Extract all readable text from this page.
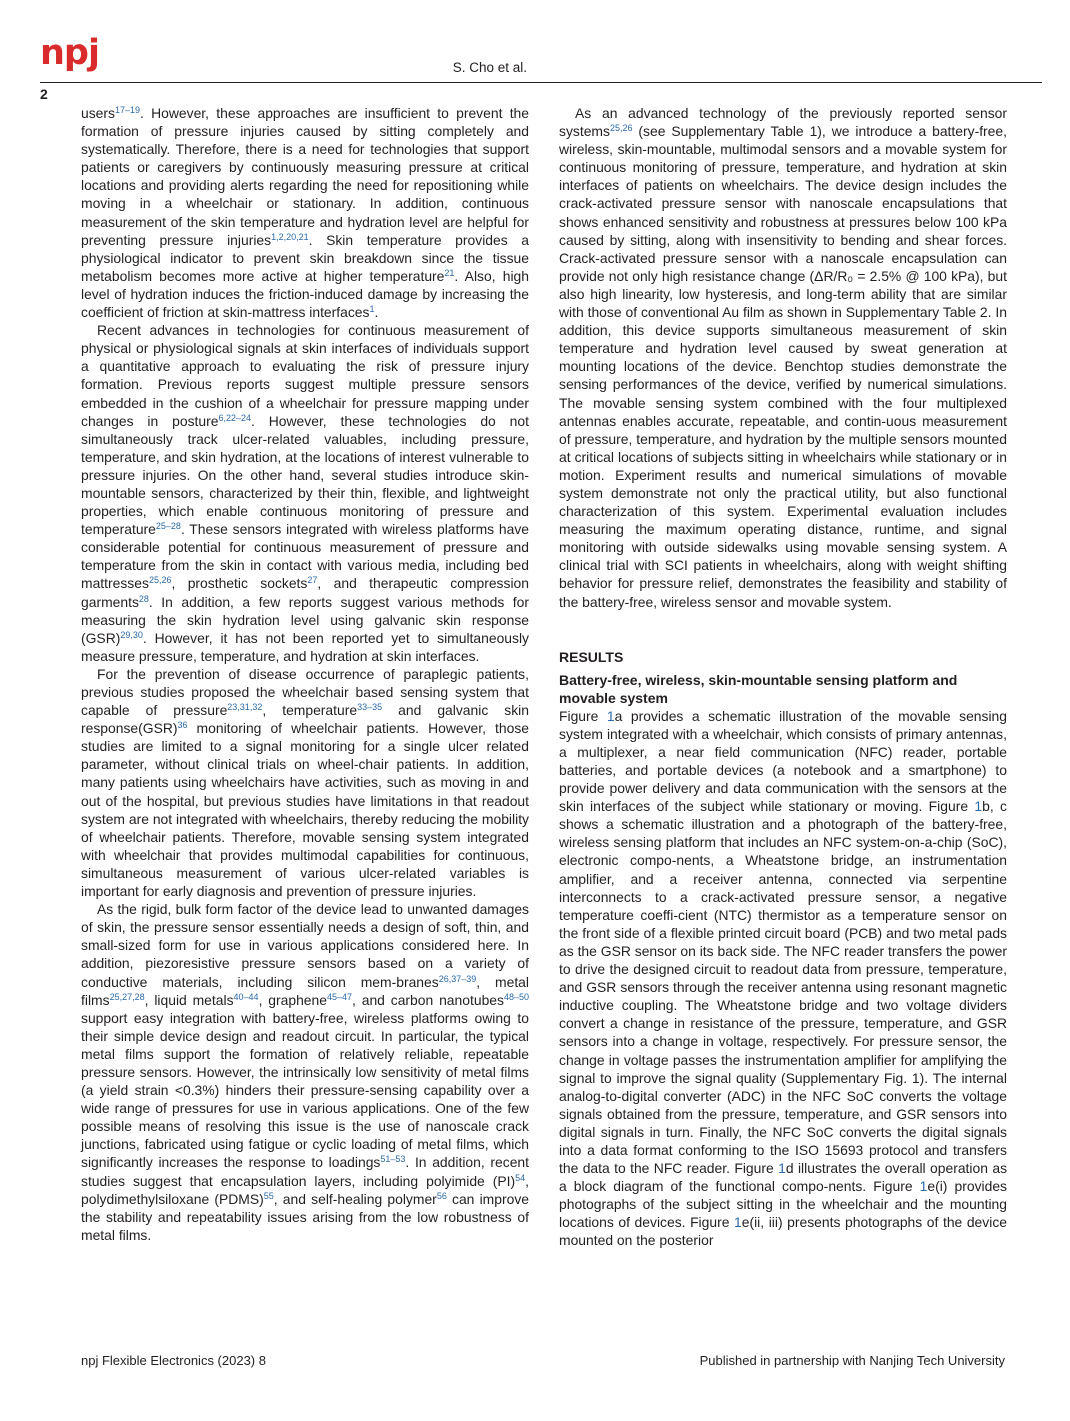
npj	S. Cho et al.
2

users$^{17-19}$. However, these approaches are insufficient to prevent the formation of pressure injuries caused by sitting completely and systematically. Therefore, there is a need for technologies that support patients or caregivers by continuously measuring pressure at critical locations and providing alerts regarding the need for repositioning while moving in a wheelchair or stationary. In addition, continuous measurement of the skin temperature and hydration level are helpful for preventing pressure injuries$^{1,2,20,21}$. Skin temperature provides a physiological indicator to prevent skin breakdown since the tissue metabolism becomes more active at higher temperature$^{21}$. Also, high level of hydration induces the friction-induced damage by increasing the coefficient of friction at skin-mattress interfaces$^1$.

Recent advances in technologies for continuous measurement of physical or physiological signals at skin interfaces of individuals support a quantitative approach to evaluating the risk of pressure injury formation. Previous reports suggest multiple pressure sensors embedded in the cushion of a wheelchair for pressure mapping under changes in posture$^{6,22-24}$. However, these technologies do not simultaneously track ulcer-related valuables, including pressure, temperature, and skin hydration, at the locations of interest vulnerable to pressure injuries. On the other hand, several studies introduce skin-mountable sensors, characterized by their thin, flexible, and lightweight properties, which enable continuous monitoring of pressure and temperature$^{25-28}$. These sensors integrated with wireless platforms have considerable potential for continuous measurement of pressure and temperature from the skin in contact with various media, including bed mattresses$^{25,26}$, prosthetic sockets$^{27}$, and therapeutic compression garments$^{28}$. In addition, a few reports suggest various methods for measuring the skin hydration level using galvanic skin response (GSR)$^{29,30}$. However, it has not been reported yet to simultaneously measure pressure, temperature, and hydration at skin interfaces.

For the prevention of disease occurrence of paraplegic patients, previous studies proposed the wheelchair based sensing system that capable of pressure$^{23,31,32}$, temperature$^{33-35}$ and galvanic skin response(GSR)$^{36}$ monitoring of wheelchair patients. However, those studies are limited to a signal monitoring for a single ulcer related parameter, without clinical trials on wheel-chair patients. In addition, many patients using wheelchairs have activities, such as moving in and out of the hospital, but previous studies have limitations in that readout system are not integrated with wheelchairs, thereby reducing the mobility of wheelchair patients. Therefore, movable sensing system integrated with wheelchair that provides multimodal capabilities for continuous, simultaneous measurement of various ulcer-related variables is important for early diagnosis and prevention of pressure injuries.

As the rigid, bulk form factor of the device lead to unwanted damages of skin, the pressure sensor essentially needs a design of soft, thin, and small-sized form for use in various applications considered here. In addition, piezoresistive pressure sensors based on a variety of conductive materials, including silicon mem-branes$^{26,37-39}$, metal films$^{25,27,28}$, liquid metals$^{40-44}$, graphene$^{45-47}$, and carbon nanotubes$^{48-50}$ support easy integration with battery-free, wireless platforms owing to their simple device design and readout circuit. In particular, the typical metal films support the formation of relatively reliable, repeatable pressure sensors. However, the intrinsically low sensitivity of metal films (a yield strain <0.3%) hinders their pressure-sensing capability over a wide range of pressures for use in various applications. One of the few possible means of resolving this issue is the use of nanoscale crack junctions, fabricated using fatigue or cyclic loading of metal films, which significantly increases the response to loadings$^{51-53}$. In addition, recent studies suggest that encapsulation layers, including polyimide (PI)$^{54}$, polydimethylsiloxane (PDMS)$^{55}$, and self-healing polymer$^{56}$ can improve the stability and repeatability issues arising from the low robustness of metal films.

As an advanced technology of the previously reported sensor systems$^{25,26}$ (see Supplementary Table 1), we introduce a battery-free, wireless, skin-mountable, multimodal sensors and a movable system for continuous monitoring of pressure, temperature, and hydration at skin interfaces of patients on wheelchairs. The device design includes the crack-activated pressure sensor with nanoscale encapsulations that shows enhanced sensitivity and robustness at pressures below 100 kPa caused by sitting, along with insensitivity to bending and shear forces. Crack-activated pressure sensor with a nanoscale encapsulation can provide not only high resistance change (ΔR/R₀ = 2.5% @ 100 kPa), but also high linearity, low hysteresis, and long-term ability that are similar with those of conventional Au film as shown in Supplementary Table 2. In addition, this device supports simultaneous measurement of skin temperature and hydration level caused by sweat generation at mounting locations of the device. Benchtop studies demonstrate the sensing performances of the device, verified by numerical simulations. The movable sensing system combined with the four multiplexed antennas enables accurate, repeatable, and contin-uous measurement of pressure, temperature, and hydration by the multiple sensors mounted at critical locations of subjects sitting in wheelchairs while stationary or in motion. Experiment results and numerical simulations of movable system demonstrate not only the practical utility, but also functional characterization of this system. Experimental evaluation includes measuring the maximum operating distance, runtime, and signal monitoring with outside sidewalks using movable sensing system. A clinical trial with SCI patients in wheelchairs, along with weight shifting behavior for pressure relief, demonstrates the feasibility and stability of the battery-free, wireless sensor and movable system.

RESULTS
Battery-free, wireless, skin-mountable sensing platform and movable system

Figure 1a provides a schematic illustration of the movable sensing system integrated with a wheelchair, which consists of primary antennas, a multiplexer, a near field communication (NFC) reader, portable batteries, and portable devices (a notebook and a smartphone) to provide power delivery and data communication with the sensors at the skin interfaces of the subject while stationary or moving. Figure 1b, c shows a schematic illustration and a photograph of the battery-free, wireless sensing platform that includes an NFC system-on-a-chip (SoC), electronic compo-nents, a Wheatstone bridge, an instrumentation amplifier, and a receiver antenna, connected via serpentine interconnects to a crack-activated pressure sensor, a negative temperature coeffi-cient (NTC) thermistor as a temperature sensor on the front side of a flexible printed circuit board (PCB) and two metal pads as the GSR sensor on its back side. The NFC reader transfers the power to drive the designed circuit to readout data from pressure, temperature, and GSR sensors through the receiver antenna using resonant magnetic inductive coupling. The Wheatstone bridge and two voltage dividers convert a change in resistance of the pressure, temperature, and GSR sensors into a change in voltage, respectively. For pressure sensor, the change in voltage passes the instrumentation amplifier for amplifying the signal to improve the signal quality (Supplementary Fig. 1). The internal analog-to-digital converter (ADC) in the NFC SoC converts the voltage signals obtained from the pressure, temperature, and GSR sensors into digital signals in turn. Finally, the NFC SoC converts the digital signals into a data format conforming to the ISO 15693 protocol and transfers the data to the NFC reader. Figure 1d illustrates the overall operation as a block diagram of the functional compo-nents. Figure 1e(i) provides photographs of the subject sitting in the wheelchair and the mounting locations of devices. Figure 1e(ii, iii) presents photographs of the device mounted on the posterior

npj Flexible Electronics (2023) 8	Published in partnership with Nanjing Tech University
